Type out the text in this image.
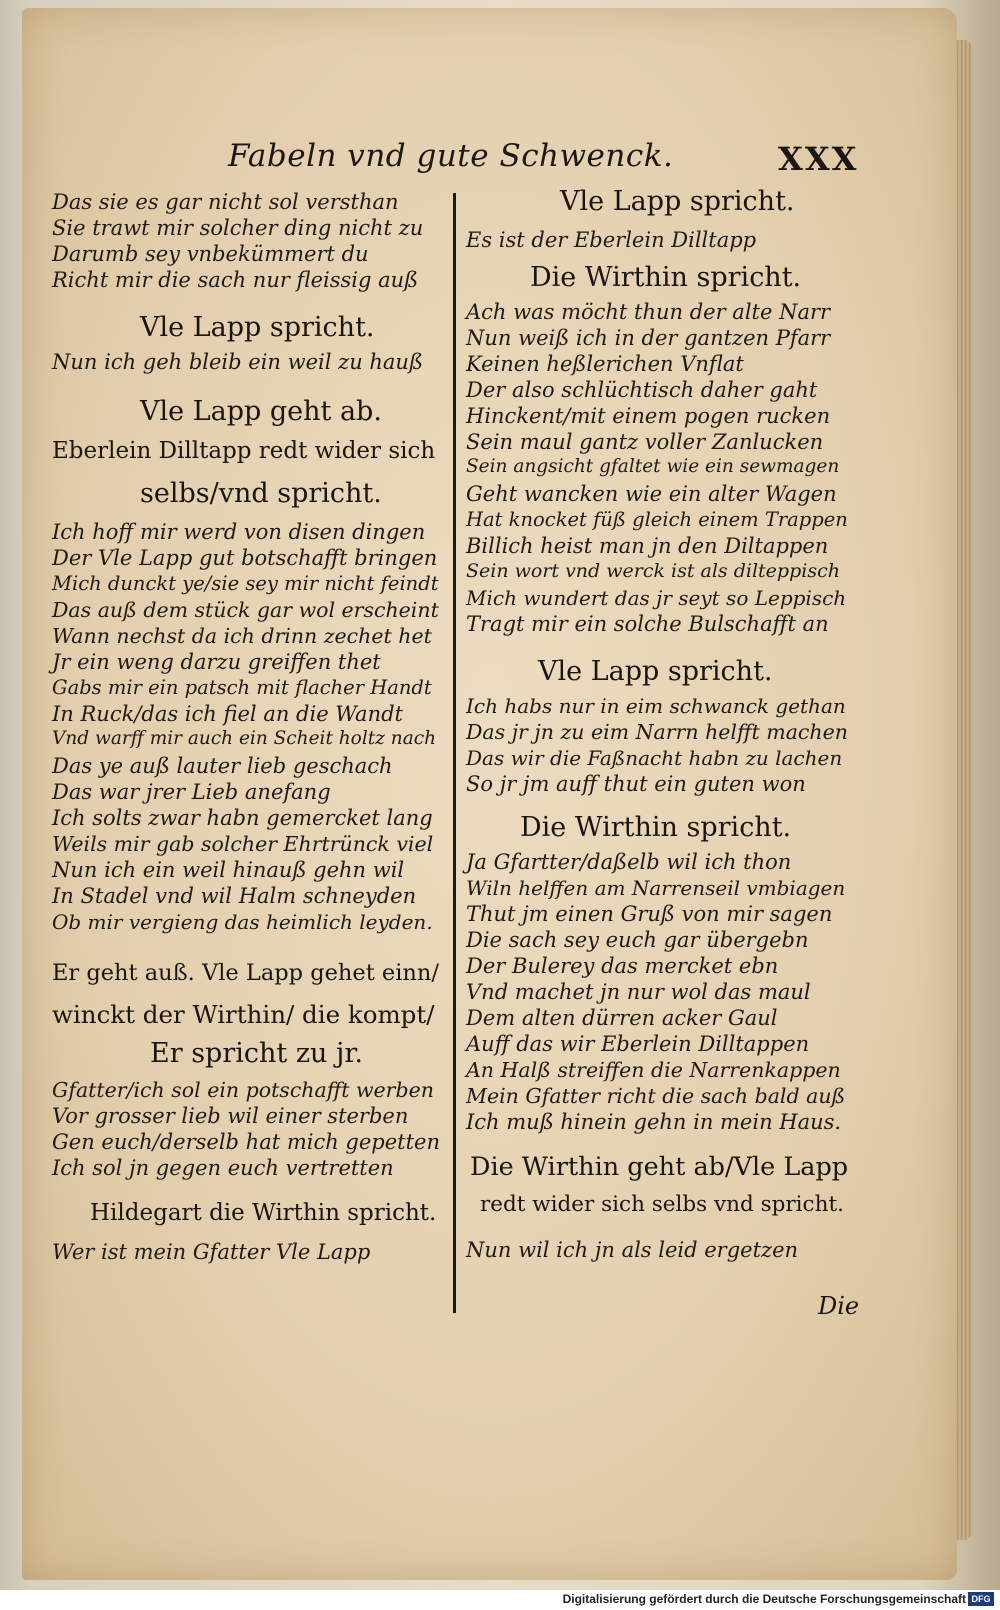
Fabeln vnd gute Schwenck.	XXX
Das sie es gar nicht sol versthan
Sie trawt mir solcher ding nicht zu
Darumb sey vnbekümmert du
Richt mir die sach nur fleissig auß
Vle Lapp spricht.
Nun ich geh bleib ein weil zu hauß
Vle Lapp geht ab.
Eberlein Dilltapp redt wider sich
selbs/vnd spricht.
Ich hoff mir werd von disen dingen
Der Vle Lapp gut botschafft bringen
Mich dunckt ye/sie sey mir nicht feindt
Das auß dem stück gar wol erscheint
Wann nechst da ich drinn zechet het
Jr ein weng darzu greiffen thet
Gabs mir ein patsch mit flacher Handt
In Ruck/das ich fiel an die Wandt
Vnd warff mir auch ein Scheit holtz nach
Das ye auß lauter lieb geschach
Das war jrer Lieb anefang
Ich solts zwar habn gemercket lang
Weils mir gab solcher Ehrtrünck viel
Nun ich ein weil hinauß gehn wil
In Stadel vnd wil Halm schneyden
Ob mir vergieng das heimlich leyden.
Er geht auß. Vle Lapp gehet einn/
winckt der Wirthin/ die kompt/
Er spricht zu jr.
Gfatter/ich sol ein potschafft werben
Vor grosser lieb wil einer sterben
Gen euch/derselb hat mich gepetten
Ich sol jn gegen euch vertretten
Hildegart die Wirthin spricht.
Wer ist mein Gfatter Vle Lapp
Vle Lapp spricht.
Es ist der Eberlein Dilltapp
Die Wirthin spricht.
Ach was möcht thun der alte Narr
Nun weiß ich in der gantzen Pfarr
Keinen heßlerichen Vnflat
Der also schlüchtisch daher gaht
Hinckent/mit einem pogen rucken
Sein maul gantz voller Zanlucken
Sein angsicht gfaltet wie ein sewmagen
Geht wancken wie ein alter Wagen
Hat knocket füß gleich einem Trappen
Billich heist man jn den Diltappen
Sein wort vnd werck ist als dilteppisch
Mich wundert das jr seyt so Leppisch
Tragt mir ein solche Bulschafft an
Vle Lapp spricht.
Ich habs nur in eim schwanck gethan
Das jr jn zu eim Narrn helfft machen
Das wir die Faßnacht habn zu lachen
So jr jm auff thut ein guten won
Die Wirthin spricht.
Ja Gfartter/daßelb wil ich thon
Wiln helffen am Narrenseil vmbiagen
Thut jm einen Gruß von mir sagen
Die sach sey euch gar übergebn
Der Bulerey das mercket ebn
Vnd machet jn nur wol das maul
Dem alten dürren acker Gaul
Auff das wir Eberlein Dilltappen
An Halß streiffen die Narrenkappen
Mein Gfatter richt die sach bald auß
Ich muß hinein gehn in mein Haus.
Die Wirthin geht ab/Vle Lapp
redt wider sich selbs vnd spricht.
Nun wil ich jn als leid ergetzen
Die
Digitalisierung gefördert durch die Deutsche Forschungsgemeinschaft DFG
